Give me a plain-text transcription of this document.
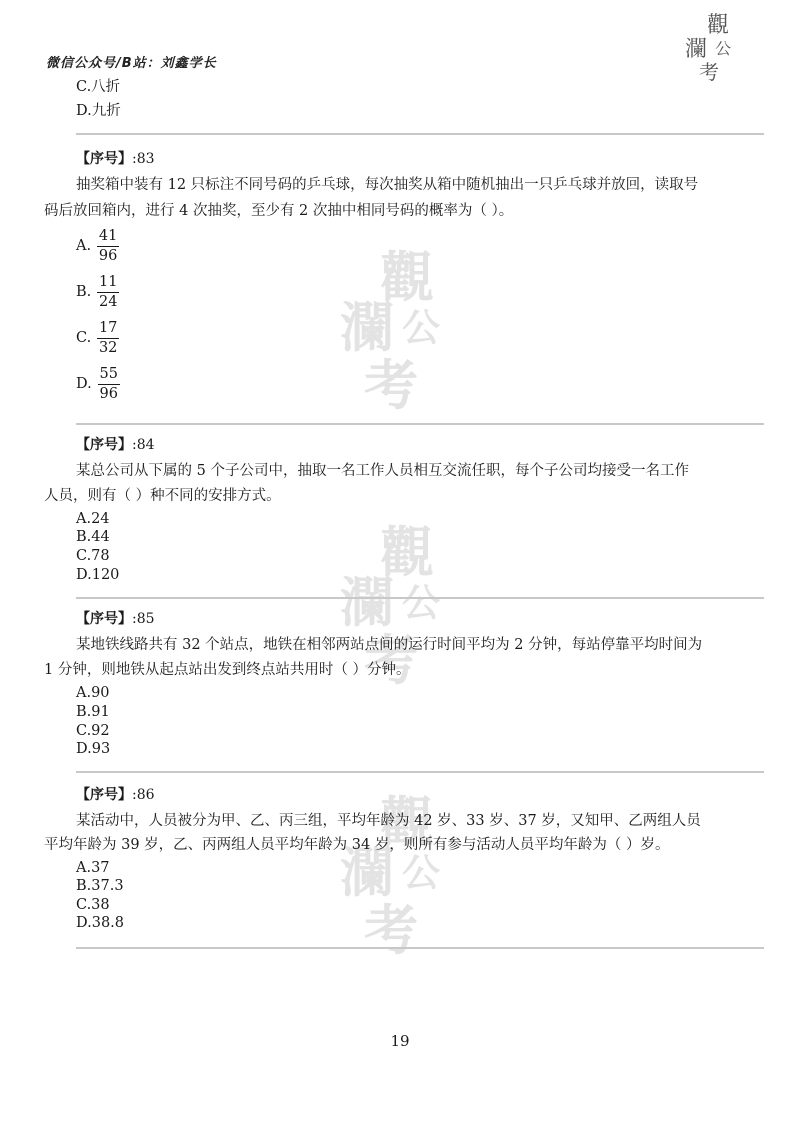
微信公众号/B站：刘鑫学长
觀
瀾 公
考
觀
瀾 公
考
觀
瀾 公
考
觀
瀾 公
考

C.八折

D.九折

【序号】:83

抽奖箱中装有 12 只标注不同号码的乒乓球，每次抽奖从箱中随机抽出一只乒乓球并放回，读取号

码后放回箱内，进行 4 次抽奖，至少有 2 次抽中相同号码的概率为（ ）。

A. $\frac{41}{96}$
B. $\frac{11}{24}$
C. $\frac{17}{32}$
D. $\frac{55}{96}$

【序号】:84

某总公司从下属的 5 个子公司中，抽取一名工作人员相互交流任职，每个子公司均接受一名工作

人员，则有（ ）种不同的安排方式。

A.24

B.44

C.78

D.120

【序号】:85

某地铁线路共有 32 个站点，地铁在相邻两站点间的运行时间平均为 2 分钟，每站停靠平均时间为

1 分钟，则地铁从起点站出发到终点站共用时（ ）分钟。

A.90

B.91

C.92

D.93

【序号】:86

某活动中，人员被分为甲、乙、丙三组，平均年龄为 42 岁、33 岁、37 岁，又知甲、乙两组人员

平均年龄为 39 岁，乙、丙两组人员平均年龄为 34 岁，则所有参与活动人员平均年龄为（ ）岁。

A.37

B.37.3

C.38

D.38.8

19
